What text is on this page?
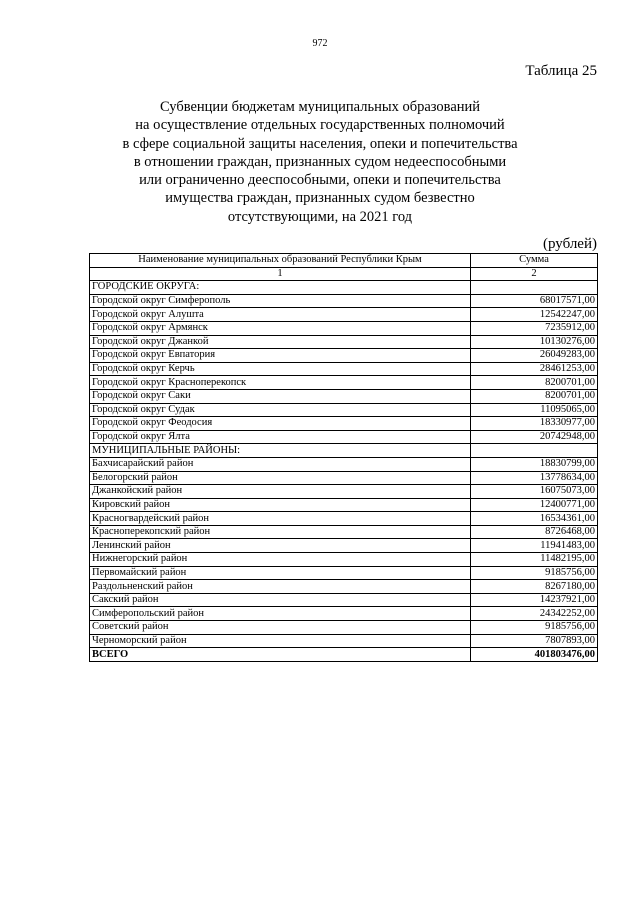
972
Таблица 25
Субвенции бюджетам муниципальных образований
на осуществление отдельных государственных полномочий
в сфере социальной защиты населения, опеки и попечительства
в отношении граждан, признанных судом недееспособными
или ограниченно дееспособными, опеки и попечительства
имущества граждан, признанных судом безвестно
отсутствующими, на 2021 год
(рублей)
Наименование муниципальных образований Республики Крым	Сумма
1	2
ГОРОДСКИЕ ОКРУГА:	
Городской округ Симферополь	68017571,00
Городской округ Алушта	12542247,00
Городской округ Армянск	7235912,00
Городской округ Джанкой	10130276,00
Городской округ Евпатория	26049283,00
Городской округ Керчь	28461253,00
Городской округ Красноперекопск	8200701,00
Городской округ Саки	8200701,00
Городской округ Судак	11095065,00
Городской округ Феодосия	18330977,00
Городской округ Ялта	20742948,00
МУНИЦИПАЛЬНЫЕ РАЙОНЫ:	
Бахчисарайский район	18830799,00
Белогорский район	13778634,00
Джанкойский район	16075073,00
Кировский район	12400771,00
Красногвардейский район	16534361,00
Красноперекопский район	8726468,00
Ленинский район	11941483,00
Нижнегорский район	11482195,00
Первомайский район	9185756,00
Раздольненский район	8267180,00
Сакский район	14237921,00
Симферопольский район	24342252,00
Советский район	9185756,00
Черноморский район	7807893,00
ВСЕГО	401803476,00
